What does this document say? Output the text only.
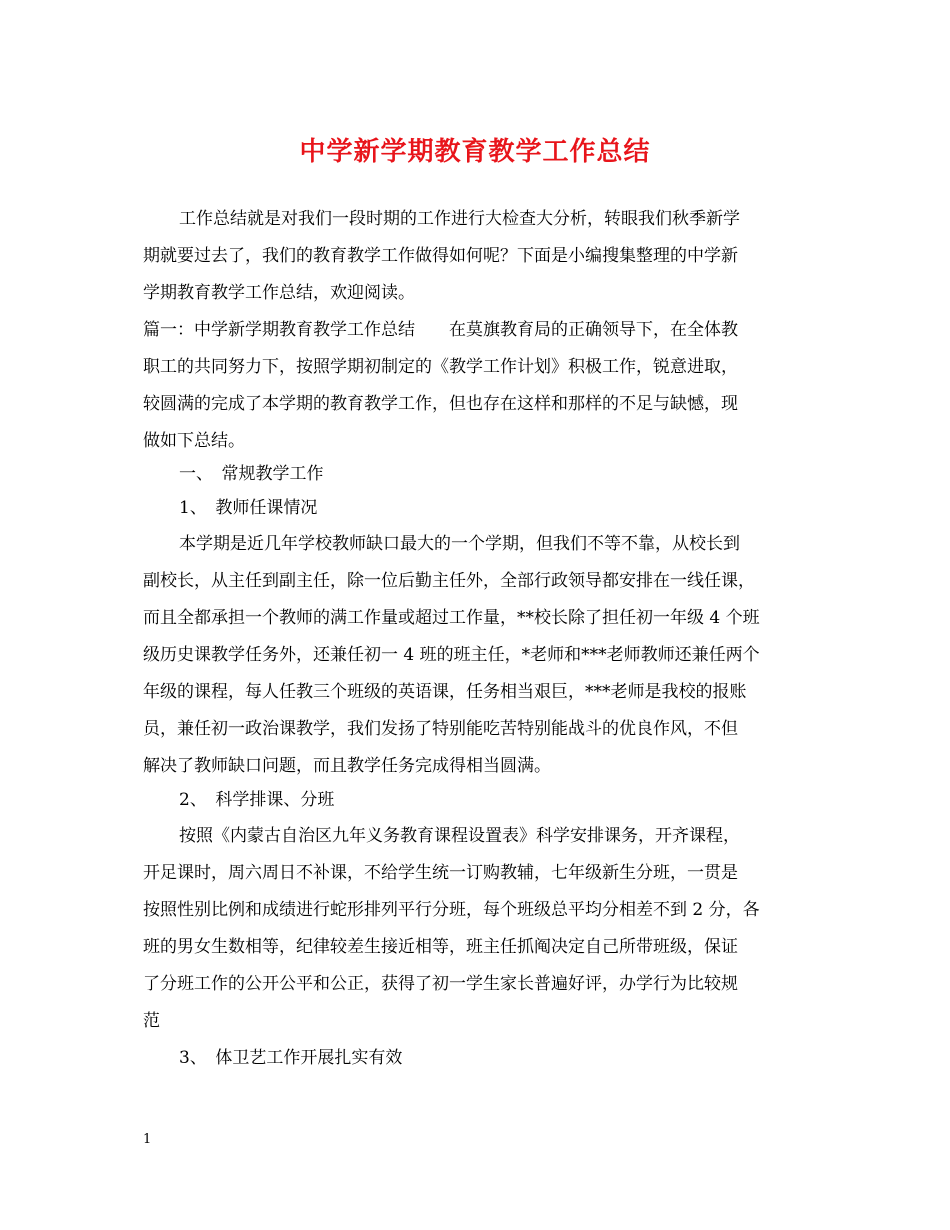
中学新学期教育教学工作总结
工作总结就是对我们一段时期的工作进行大检查大分析，转眼我们秋季新学
期就要过去了，我们的教育教学工作做得如何呢？下面是小编搜集整理的中学新
学期教育教学工作总结，欢迎阅读。
篇一：中学新学期教育教学工作总结　　在莫旗教育局的正确领导下，在全体教
职工的共同努力下，按照学期初制定的《教学工作计划》积极工作，锐意进取，
较圆满的完成了本学期的教育教学工作，但也存在这样和那样的不足与缺憾，现
做如下总结。
一、　常规教学工作
1、　教师任课情况
本学期是近几年学校教师缺口最大的一个学期，但我们不等不靠，从校长到
副校长，从主任到副主任，除一位后勤主任外，全部行政领导都安排在一线任课，
而且全都承担一个教师的满工作量或超过工作量，**校长除了担任初一年级 4 个班
级历史课教学任务外，还兼任初一 4 班的班主任，*老师和***老师教师还兼任两个
年级的课程，每人任教三个班级的英语课，任务相当艰巨，***老师是我校的报账
员，兼任初一政治课教学，我们发扬了特别能吃苦特别能战斗的优良作风，不但
解决了教师缺口问题，而且教学任务完成得相当圆满。
2、　科学排课、分班
按照《内蒙古自治区九年义务教育课程设置表》科学安排课务，开齐课程，
开足课时，周六周日不补课，不给学生统一订购教辅，七年级新生分班，一贯是
按照性别比例和成绩进行蛇形排列平行分班，每个班级总平均分相差不到 2 分，各
班的男女生数相等，纪律较差生接近相等，班主任抓阄决定自己所带班级，保证
了分班工作的公开公平和公正，获得了初一学生家长普遍好评，办学行为比较规
范
3、　体卫艺工作开展扎实有效
1
